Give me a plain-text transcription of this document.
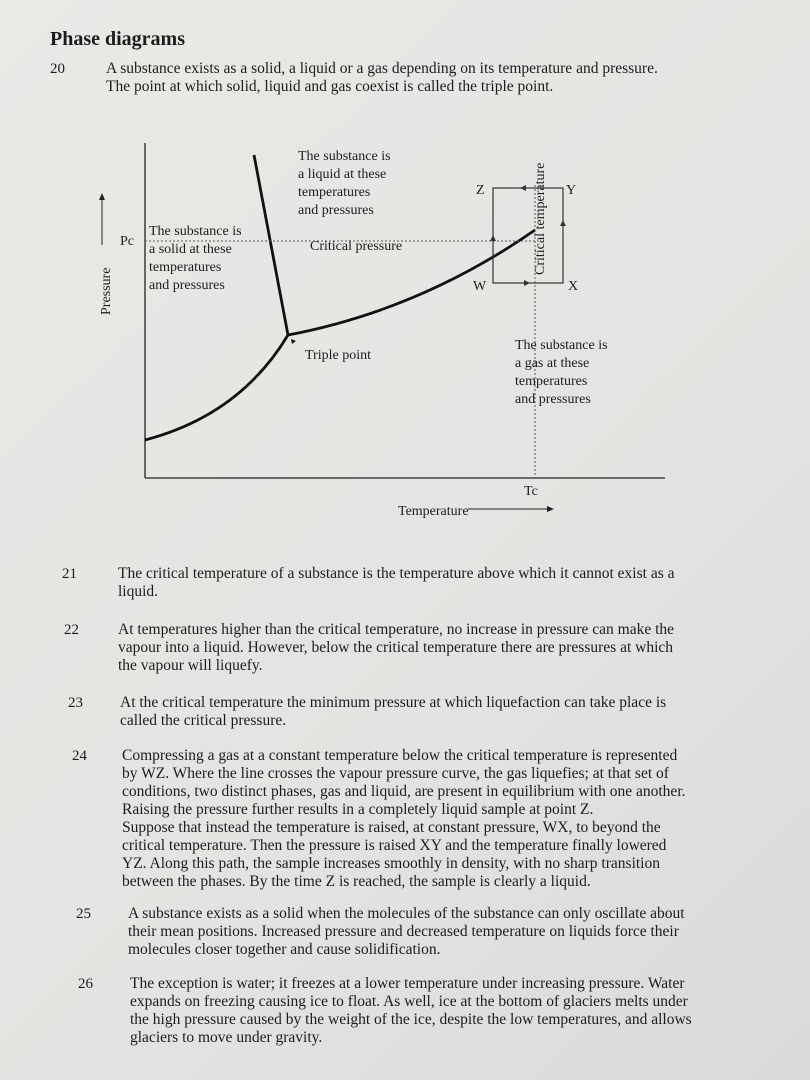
Phase diagrams
20	A substance exists as a solid, a liquid or a gas depending on its temperature and pressure.

The point at which solid, liquid and gas coexist is called the triple point.

The substance is a liquid at these temperatures and pressures
The substance is a solid at these temperatures and pressures
The substance is a gas at these temperatures and pressures
Critical pressure
Triple point
Critical temperature
Pressure
Temperature
Pc
Tc
W	X
Y
Z
21	The critical temperature of a substance is the temperature above which it cannot exist as a

liquid.

22	At temperatures higher than the critical temperature, no increase in pressure can make the

vapour into a liquid. However, below the critical temperature there are pressures at which

the vapour will liquefy.

23 At the critical temperature the minimum pressure at which liquefaction can take place is

called the critical pressure.

24 Compressing a gas at a constant temperature below the critical temperature is represented

by WZ. Where the line crosses the vapour pressure curve, the gas liquefies; at that set of

conditions, two distinct phases, gas and liquid, are present in equilibrium with one another.

Raising the pressure further results in a completely liquid sample at point Z.

Suppose that instead the temperature is raised, at constant pressure, WX, to beyond the

critical temperature. Then the pressure is raised XY and the temperature finally lowered

YZ. Along this path, the sample increases smoothly in density, with no sharp transition

between the phases. By the time Z is reached, the sample is clearly a liquid.

25 A substance exists as a solid when the molecules of the substance can only oscillate about

their mean positions. Increased pressure and decreased temperature on liquids force their

molecules closer together and cause solidification.

26 The exception is water; it freezes at a lower temperature under increasing pressure. Water

expands on freezing causing ice to float. As well, ice at the bottom of glaciers melts under

the high pressure caused by the weight of the ice, despite the low temperatures, and allows

glaciers to move under gravity.
